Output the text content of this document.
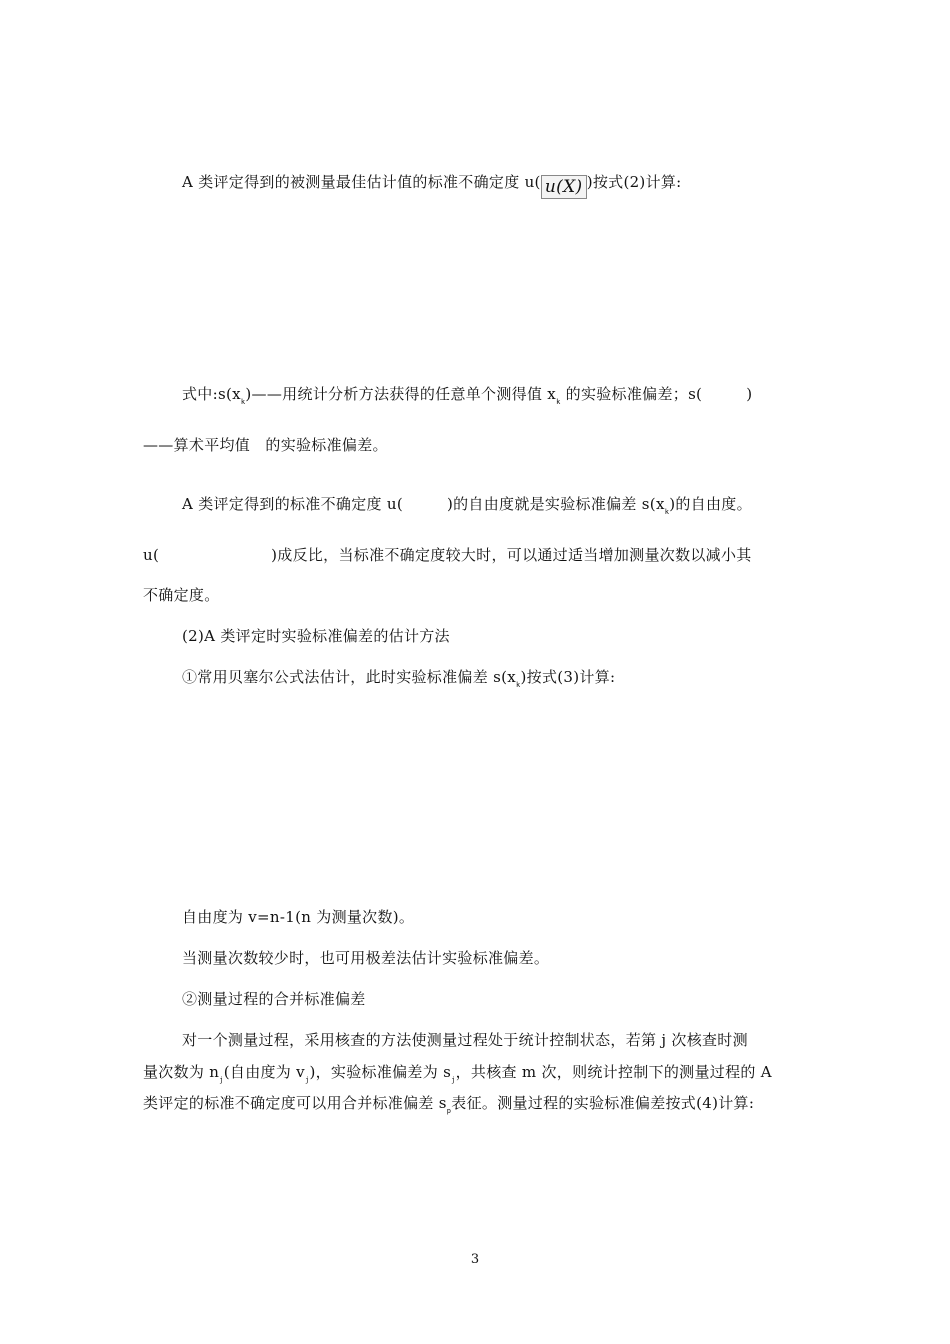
A 类评定得到的被测量最佳估计值的标准不确定度 u( u(X) )按式(2)计算:
式中$:s(x_k)——$用统计分析方法获得的任意单个测得值 $x_k$ 的实验标准偏差；s(	)
——算术平均值　的实验标准偏差。
A 类评定得到的标准不确定度 u(	)的自由度就是实验标准偏差 $s(x_k)$的自由度。
u(	)成反比，当标准不确定度较大时，可以通过适当增加测量次数以减小其
不确定度。
(2)A 类评定时实验标准偏差的估计方法
①常用贝塞尔公式法估计，此时实验标准偏差 $s(x_k)$按式(3)计算:
自由度为 v=n-1(n 为测量次数)。
当测量次数较少时，也可用极差法估计实验标准偏差。
②测量过程的合并标准偏差
对一个测量过程，采用核查的方法使测量过程处于统计控制状态，若第 j 次核查时测
量次数为 $n_j$(自由度为 $v_j$)，实验标准偏差为 $s_j$，共核查 m 次，则统计控制下的测量过程的 A
类评定的标准不确定度可以用合并标准偏差 $s_p$表征。测量过程的实验标准偏差按式(4)计算:
3
